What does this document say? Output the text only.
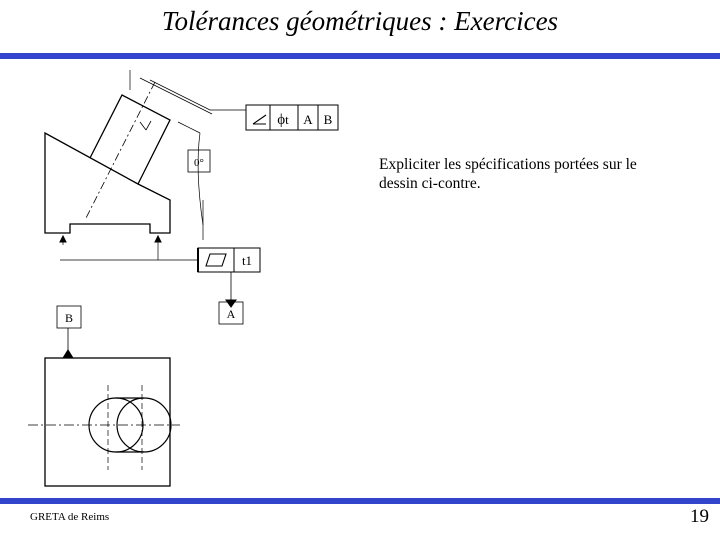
Tolérances géométriques : Exercices
ϕt A B
0°
t1
A
B
Expliciter les spécifications portées sur le dessin ci-contre.
GRETA de Reims	19
